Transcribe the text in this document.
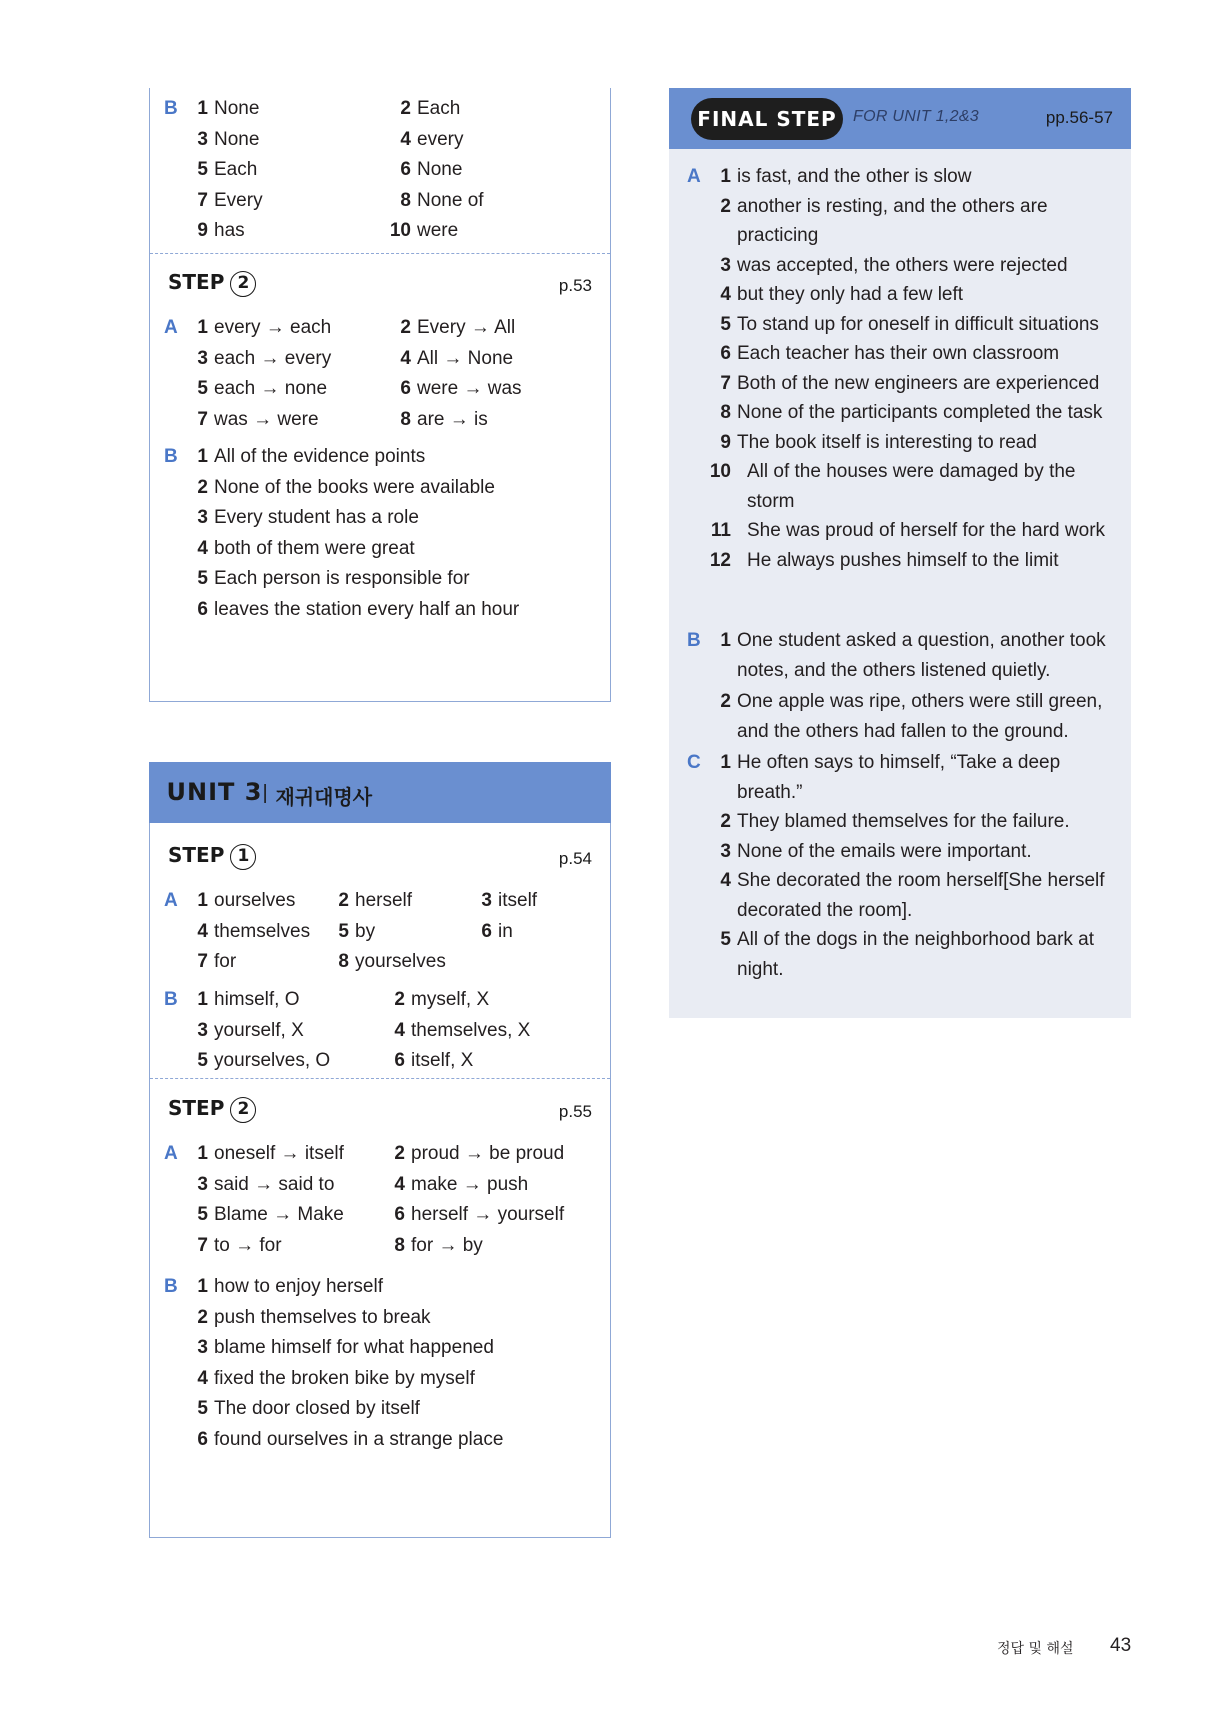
B	1 None	2 Each
3 None	4 every
5 Each	6 None
7 Every	8 None of
9 has	10 were
STEP 2	p.53
A	1 every → each	2 Every → All
3 each → every	4 All → None
5 each → none	6 were → was
7 was → were	8 are → is
B	1 All of the evidence points
2 None of the books were available
3 Every student has a role
4 both of them were great
5 Each person is responsible for
6 leaves the station every half an hour
UNIT 3 | 재귀대명사
STEP 1	p.54
A	1 ourselves	2 herself	3 itself
4 themselves	5 by	6 in
7 for	8 yourselves
B	1 himself, O	2 myself, X
3 yourself, X	4 themselves, X
5 yourselves, O	6 itself, X
STEP 2	p.55
A	1 oneself → itself	2 proud → be proud
3 said → said to	4 make → push
5 Blame → Make	6 herself → yourself
7 to → for	8 for → by
B	1 how to enjoy herself
2 push themselves to break
3 blame himself for what happened
4 fixed the broken bike by myself
5 The door closed by itself
6 found ourselves in a strange place
FINAL STEP	FOR UNIT 1,2&3	pp.56-57
A	1 is fast, and the other is slow
2 another is resting, and the others are
practicing
3 was accepted, the others were rejected
4 but they only had a few left
5 To stand up for oneself in difficult situations
6 Each teacher has their own classroom
7 Both of the new engineers are experienced
8 None of the participants completed the task
9 The book itself is interesting to read
10 All of the houses were damaged by the
storm
11 She was proud of herself for the hard work
12 He always pushes himself to the limit
B	1 One student asked a question, another took
notes, and the others listened quietly.
2 One apple was ripe, others were still green,
and the others had fallen to the ground.
C	1 He often says to himself, “Take a deep
breath.”
2 They blamed themselves for the failure.
3 None of the emails were important.
4 She decorated the room herself[She herself
decorated the room].
5 All of the dogs in the neighborhood bark at
night.
정답 및 해설 43
